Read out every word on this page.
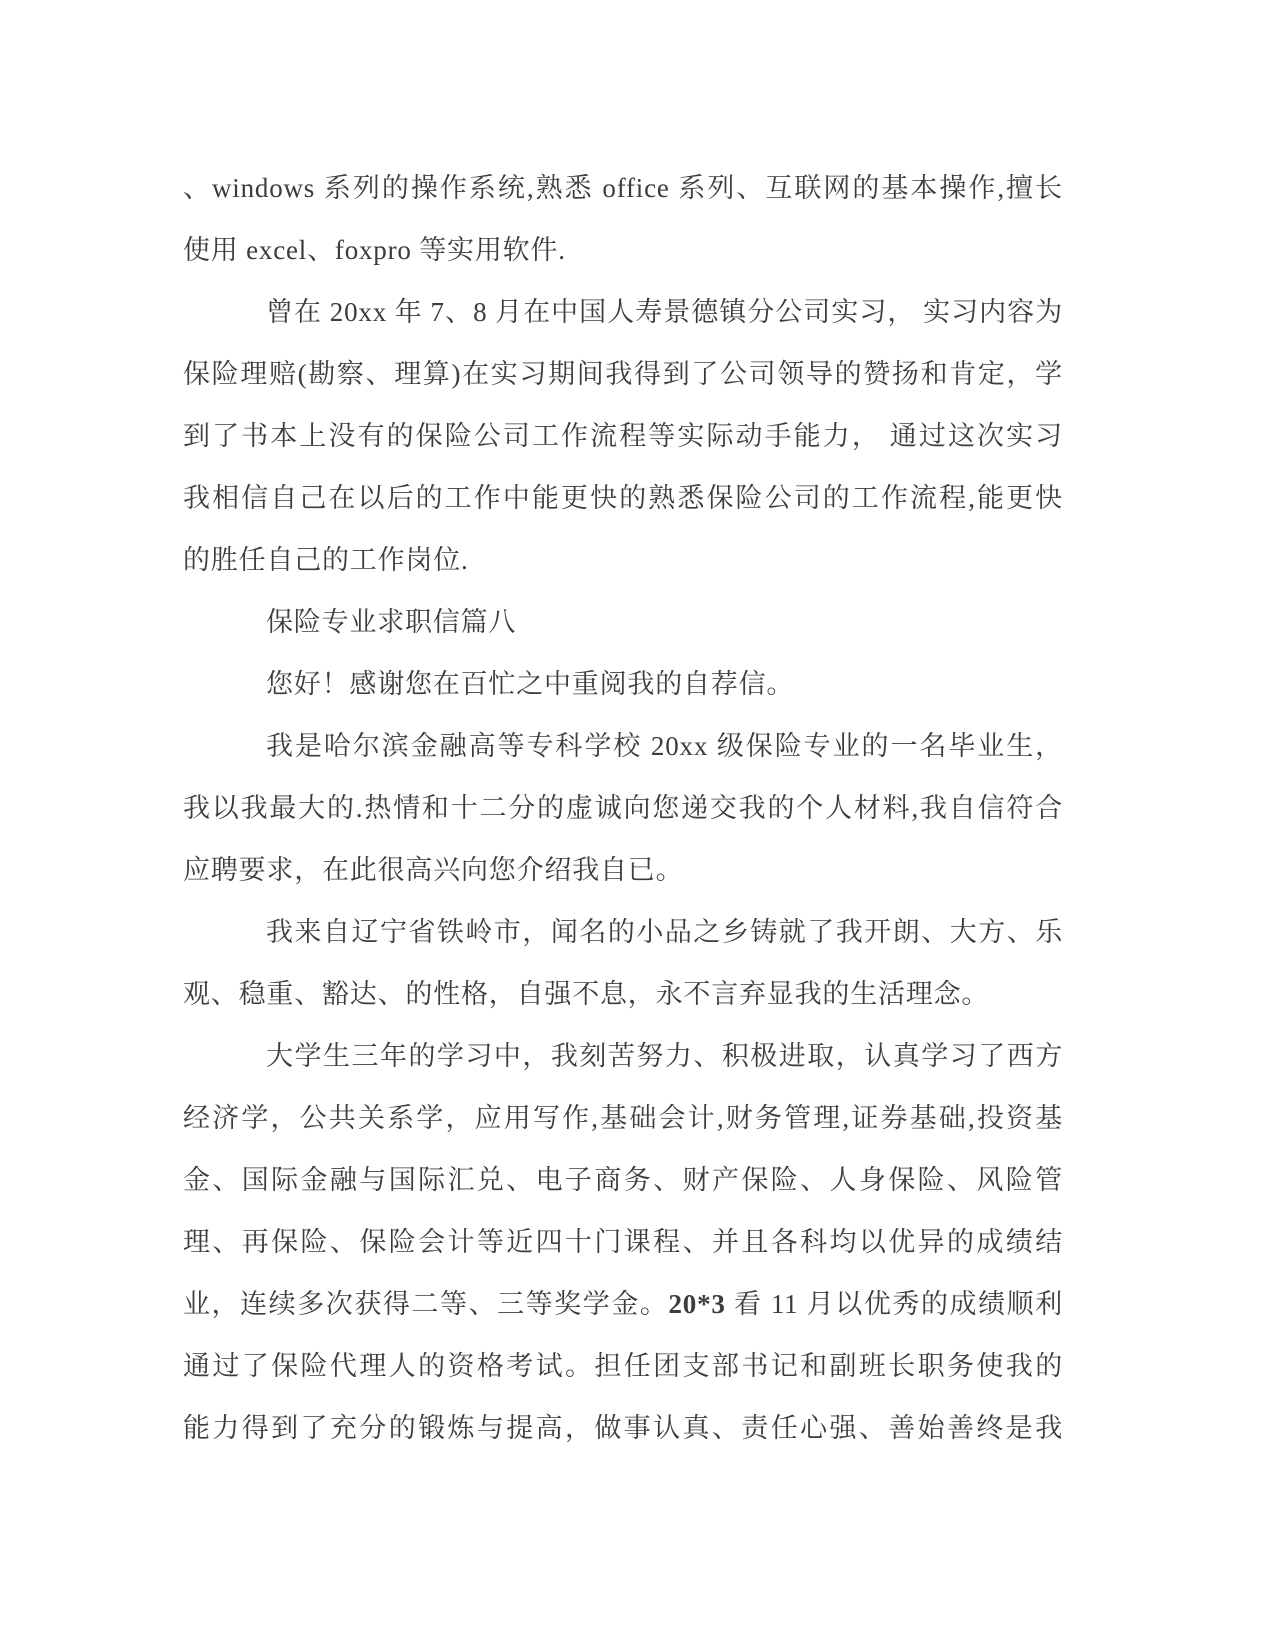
、windows 系列的操作系统,熟悉 office 系列、互联网的基本操作,擅长
使用 excel、foxpro 等实用软件.
曾在 20xx 年 7、8 月在中国人寿景德镇分公司实习， 实习内容为
保险理赔(勘察、理算)在实习期间我得到了公司领导的赞扬和肯定，学
到了书本上没有的保险公司工作流程等实际动手能力， 通过这次实习
我相信自己在以后的工作中能更快的熟悉保险公司的工作流程,能更快
的胜任自己的工作岗位.
保险专业求职信篇八
您好！感谢您在百忙之中重阅我的自荐信。
我是哈尔滨金融高等专科学校 20xx 级保险专业的一名毕业生，
我以我最大的.热情和十二分的虚诚向您递交我的个人材料,我自信符合
应聘要求，在此很高兴向您介绍我自已。
我来自辽宁省铁岭市，闻名的小品之乡铸就了我开朗、大方、乐
观、稳重、豁达、的性格，自强不息，永不言弃显我的生活理念。
大学生三年的学习中，我刻苦努力、积极进取，认真学习了西方
经济学，公共关系学，应用写作,基础会计,财务管理,证券基础,投资基
金、国际金融与国际汇兑、电子商务、财产保险、人身保险、风险管
理、再保险、保险会计等近四十门课程、并且各科均以优异的成绩结
业，连续多次获得二等、三等奖学金。20*3 看 11 月以优秀的成绩顺利
通过了保险代理人的资格考试。担任团支部书记和副班长职务使我的
能力得到了充分的锻炼与提高，做事认真、责任心强、善始善终是我
